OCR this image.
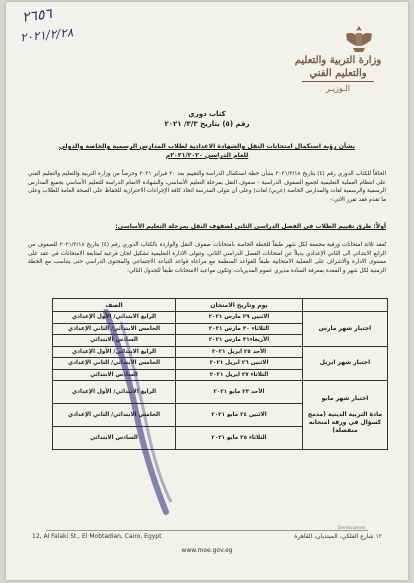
٢٦٥٦
٢٠٢١/٢/٢٨
وزارة التربية والتعليم
والتعليم الفني
الـوزيـر
كتاب دوري
رقم (٥) بتاريخ ٣/٣/ ٢٠٢١
بشأن رؤية استكمال امتحانات النقل والشهادة الاعدادية لطلاب المدارس الرسمية والخاصة والدولي
للعام الدراسي ٢٠٢١/٢٠٢٠م
الحاقاً للكتاب الدوري رقم (٤) بتاريخ ٢٠٢١/٢/١٨ بشأن خطة استكمال الدراسة والتقييم بعد ٢٠ فبراير ٢٠٢١ وحرصاً من وزارة التربية والتعليم والتعليم الفني على انتظام العملية التعليمية لجميع الصفوف الدراسية - صفوف النقل بمرحلة التعليم الأساسي، والشهادة الاتمام الدراسة للتعليم الأساسي بجميع المدارس الرسمية والرسمية لغات والمدارس الخاصة (عربي/ لغات) وعلى أن تتولى المدرسة اتخاذ كافة الإجراءات الاحترازية للحفاظ على الصحة العامة للطلاب وعلى ما تقدم فقد تقرر الاتي:-
أولاً: طرق تقييم الطلاب في الفصل الدراسي الثاني لصفوف النقل بمرحلة التعليم الأساسي:
تُعقد ثلاثة امتحانات ورقية مجمعة لكل شهر طبقاً للخطة الخاصة بامتحانات صفوف النقل والواردة بالكتاب الدوري رقم (٤) بتاريخ ٢٠٢١/٢/١٨ للصفوف من الرابع الابتدائي الى الثاني الإعدادي بديلاً عن امتحانات الفصل الدراسي الثاني، وتتولى الادارة التعليمية تشكيل لجان فرعية لمتابعة الامتحانات في عقد على مستوى الادارة والاشراف على العملية الامتحانية طبقاً للقواعد المنظمة مع مراعاة قواعد التباعد الاجتماعي والمحتوى الدراسي حتى يتناسب مع الخطة الزمنية لكل شهر و المعدة بمعرفة السادة مديري عموم المديريات، وتكون مواعيد الامتحانات طبقاً للجدول التالي:
	يوم وتاريخ الامتحان	الصف
اختبار شهر مارس	الاثنين ٢٩ مارس ٢٠٢١	الرابع الابتدائي/ الأول الإعدادي
	الثلاثاء ٣٠ مارس ٢٠٢١	الخامس الابتدائي/ الثاني الإعدادي
	الأربعاء٣١ مارس ٢٠٢١	السادس الابتدائي
اختبار شهر ابريل	الأحد ٢٥ ابريل ٢٠٢١	الرابع الابتدائي/ الأول الإعدادي
	الاثنين ٢٦ ابريل ٢٠٢١	الخامس الابتدائي/ الثاني الإعدادي
	الثلاثاء ٢٧ ابريل ٢٠٢١	السادس الابتدائي
اختبار شهر مايو

مادة التربية الدينية (مدمج كسؤال في ورقة امتحانه منفصلة)	الأحد ٢٣ مايو ٢٠٢١	الرابع الابتدائي/ الأول الإعدادي
	الاثنين ٢٤ مايو ٢٠٢١	الخامس الابتدائي/ الثاني الإعدادي
	الثلاثاء ٢٥ مايو ٢٠٢١	السادس الابتدائي
Genlscanner
12, Al Falaki St., El Mobtadian, Cairo, Egypt	١٢ شارع الفلكي، المبتديان، القاهرة
www.moe.gov.eg
